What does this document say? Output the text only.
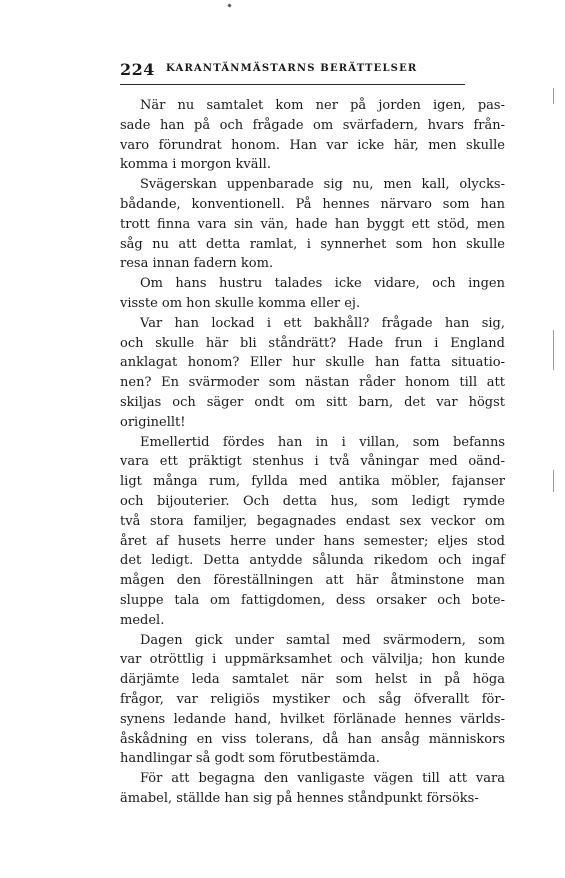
224 KARANTÄNMÄSTARNS BERÄTTELSER
När nu samtalet kom ner på jorden igen, pas-
sade han på och frågade om svärfadern, hvars från-
varo förundrat honom. Han var icke här, men skulle
komma i morgon kväll.
Svägerskan uppenbarade sig nu, men kall, olycks-
bådande, konventionell. På hennes närvaro som han
trott finna vara sin vän, hade han byggt ett stöd, men
såg nu att detta ramlat, i synnerhet som hon skulle
resa innan fadern kom.
Om hans hustru talades icke vidare, och ingen
visste om hon skulle komma eller ej.
Var han lockad i ett bakhåll? frågade han sig,
och skulle här bli ståndrätt? Hade frun i England
anklagat honom? Eller hur skulle han fatta situatio-
nen? En svärmoder som nästan råder honom till att
skiljas och säger ondt om sitt barn, det var högst
originellt!
Emellertid fördes han in i villan, som befanns
vara ett präktigt stenhus i två våningar med oänd-
ligt många rum, fyllda med antika möbler, fajanser
och bijouterier. Och detta hus, som ledigt rymde
två stora familjer, begagnades endast sex veckor om
året af husets herre under hans semester; eljes stod
det ledigt. Detta antydde sålunda rikedom och ingaf
mågen den föreställningen att här åtminstone man
sluppe tala om fattigdomen, dess orsaker och bote-
medel.
Dagen gick under samtal med svärmodern, som
var otröttlig i uppmärksamhet och välvilja; hon kunde
därjämte leda samtalet när som helst in på höga
frågor, var religiös mystiker och såg öfverallt för-
synens ledande hand, hvilket förlänade hennes världs-
åskådning en viss tolerans, då han ansåg människors
handlingar så godt som förutbestämda.
För att begagna den vanligaste vägen till att vara
ämabel, ställde han sig på hennes ståndpunkt försöks-
